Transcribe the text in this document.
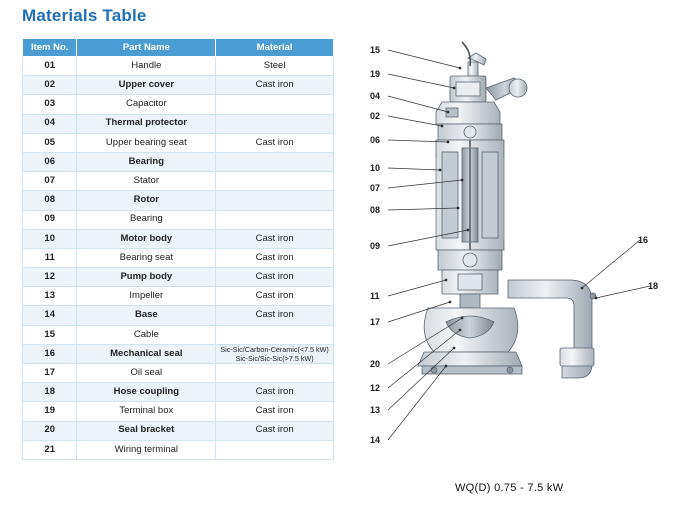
Materials Table
Item No.	Part Name	Material
01	Handle	Steel
02	Upper cover	Cast iron
03	Capacitor	
04	Thermal protector	
05	Upper bearing seat	Cast iron
06	Bearing	
07	Stator	
08	Rotor	
09	Bearing	
10	Motor body	Cast iron
11	Bearing seat	Cast iron
12	Pump body	Cast iron
13	Impeller	Cast iron
14	Base	Cast iron
15	Cable	
16	Mechanical seal	Sic-Sic/Carbon-Ceramic(<7.5 kW)
Sic-Sic/Sic-Sic(>7.5 kW)
17	Oil seal	
18	Hose coupling	Cast iron
19	Terminal box	Cast iron
20	Seal bracket	Cast iron
21	Wiring terminal	
15
19
04
02
06
10
07
08
09
11
17
20
12
13
14
16
18
WQ(D) 0.75 - 7.5 kW
